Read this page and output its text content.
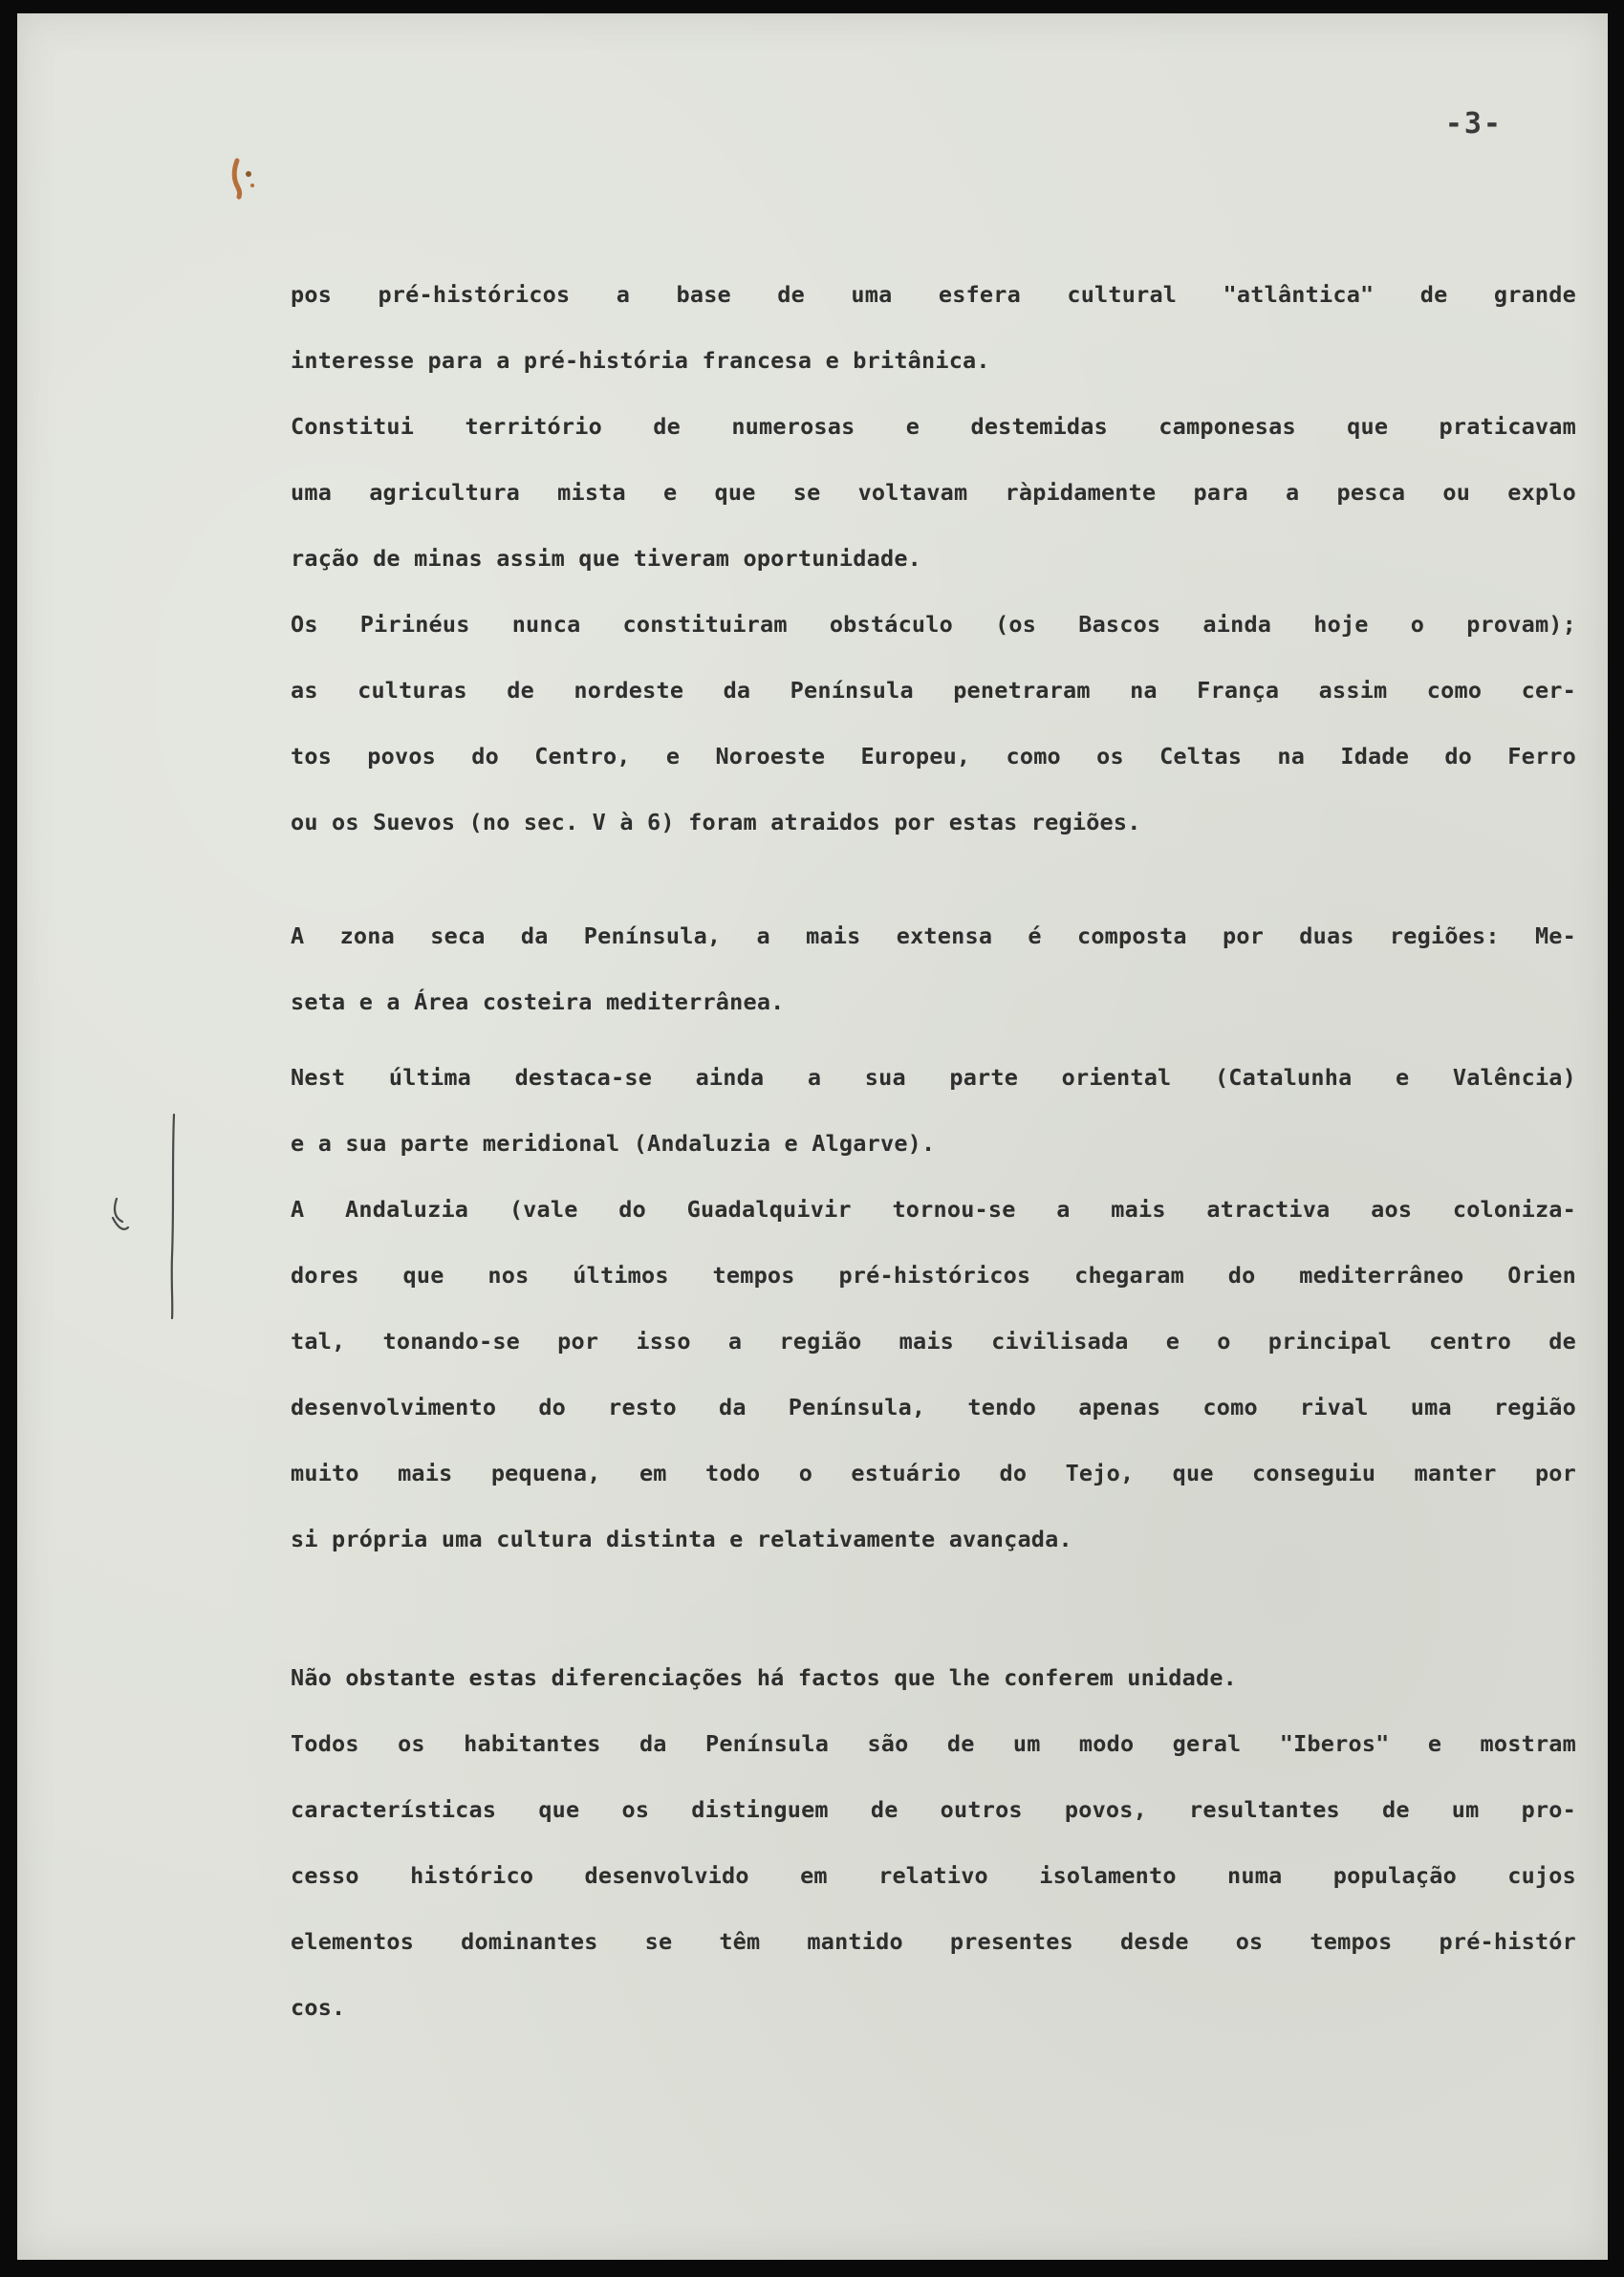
-3-
pos pré-históricos a base de uma esfera cultural "atlântica" de grande
interesse para a pré-história francesa e britânica.
Constitui território de numerosas e destemidas camponesas que praticavam
uma agricultura mista e que se voltavam ràpidamente para a pesca ou explo
ração de minas assim que tiveram oportunidade.
Os Pirinéus nunca constituiram obstáculo (os Bascos ainda hoje o provam);
as culturas de nordeste da Península penetraram na França assim como cer-
tos povos do Centro, e Noroeste Europeu, como os Celtas na Idade do Ferro
ou os Suevos (no sec. V à 6) foram atraidos por estas regiões.
A zona seca da Península, a mais extensa é composta por duas regiões: Me-
seta e a Área costeira mediterrânea.
Nest última destaca-se ainda a sua parte oriental (Catalunha e Valência)
e a sua parte meridional (Andaluzia e Algarve).
A Andaluzia (vale do Guadalquivir tornou-se a mais atractiva aos coloniza-
dores que nos últimos tempos pré-históricos chegaram do mediterrâneo Orien
tal, tonando-se por isso a região mais civilisada e o principal centro de
desenvolvimento do resto da Península, tendo apenas como rival uma região
muito mais pequena, em todo o estuário do Tejo, que conseguiu manter por
si própria uma cultura distinta e relativamente avançada.
Não obstante estas diferenciações há factos que lhe conferem unidade.
Todos os habitantes da Península são de um modo geral "Iberos" e mostram
características que os distinguem de outros povos, resultantes de um pro-
cesso histórico desenvolvido em relativo isolamento numa população cujos
elementos dominantes se têm mantido presentes desde os tempos pré-histór
cos.
